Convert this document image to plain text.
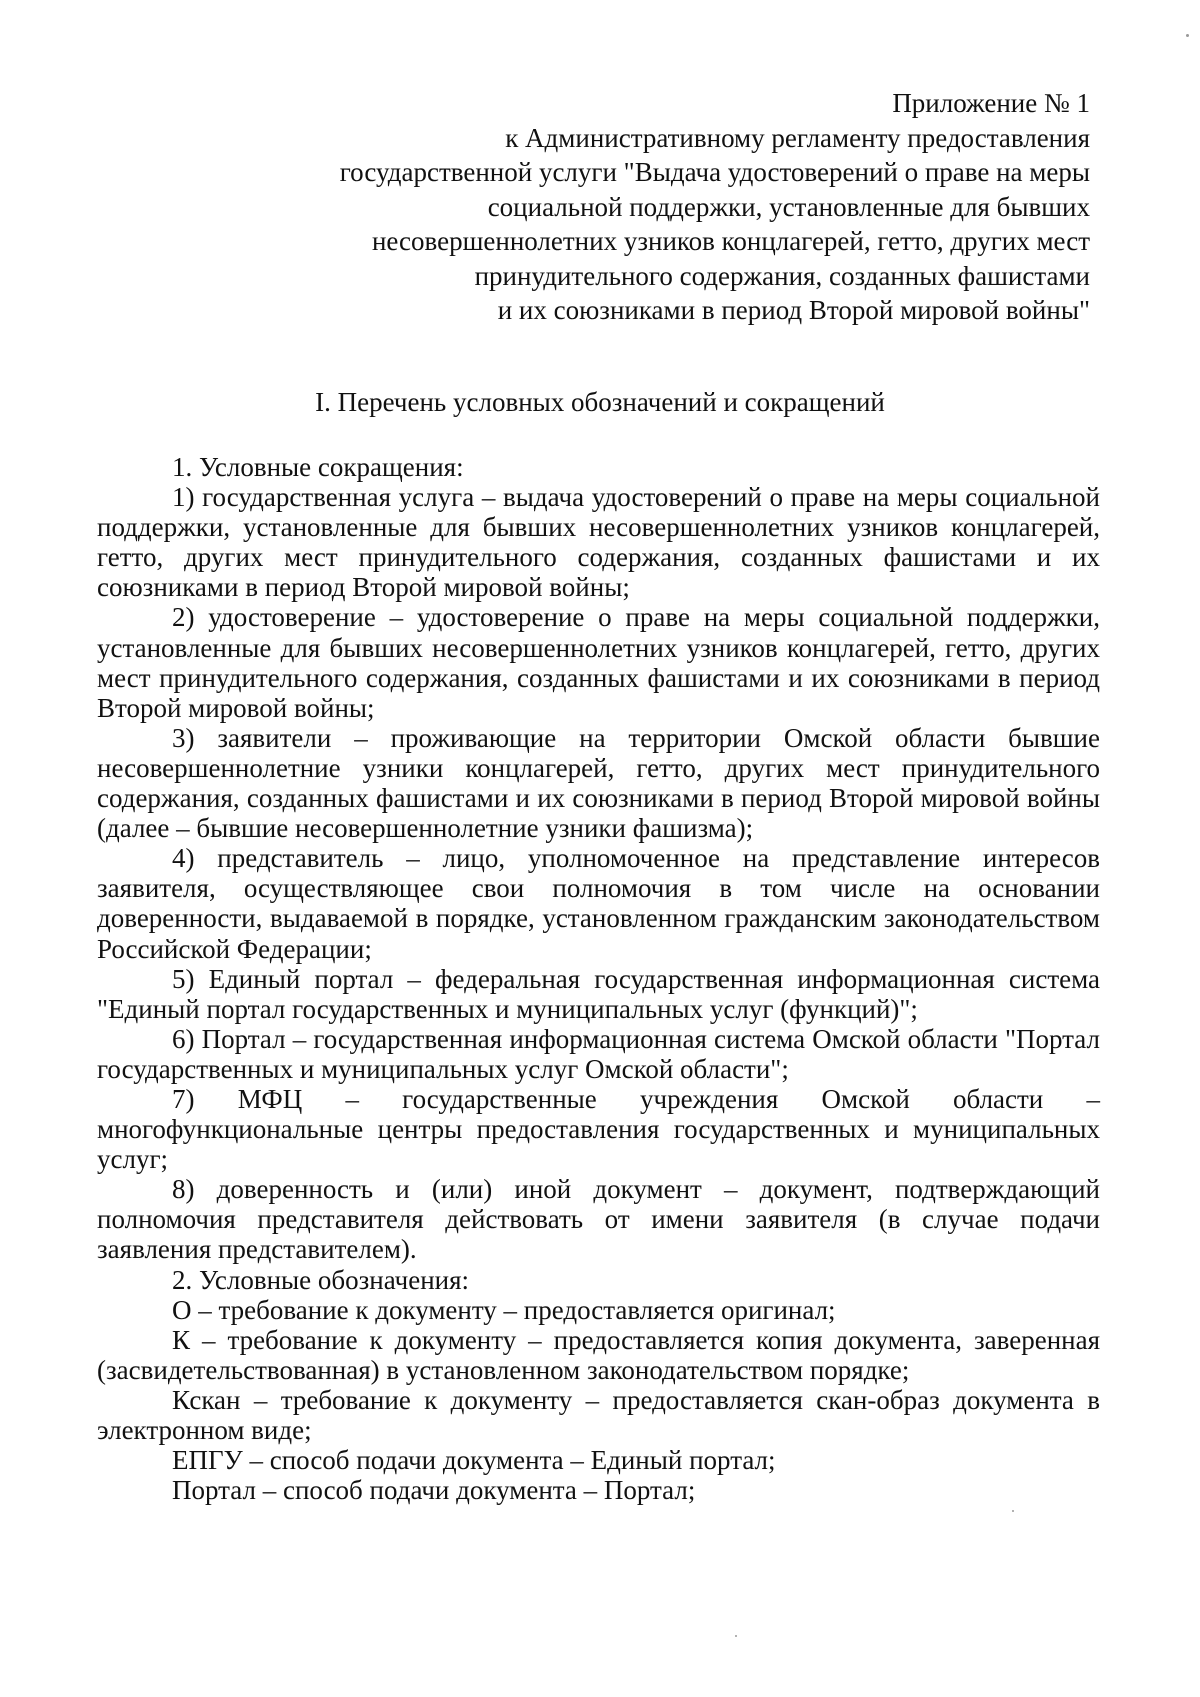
Приложение № 1
к Административному регламенту предоставления
государственной услуги "Выдача удостоверений о праве на меры
социальной поддержки, установленные для бывших
несовершеннолетних узников концлагерей, гетто, других мест
принудительного содержания, созданных фашистами
и их союзниками в период Второй мировой войны"
I. Перечень условных обозначений и сокращений

1. Условные сокращения:

1) государственная услуга – выдача удостоверений о праве на меры социальной поддержки, установленные для бывших несовершеннолетних узников концлагерей, гетто, других мест принудительного содержания, созданных фашистами и их союзниками в период Второй мировой войны;

2) удостоверение – удостоверение о праве на меры социальной поддержки, установленные для бывших несовершеннолетних узников концлагерей, гетто, других мест принудительного содержания, созданных фашистами и их союзниками в период Второй мировой войны;

3) заявители – проживающие на территории Омской области бывшие несовершеннолетние узники концлагерей, гетто, других мест принудительного содержания, созданных фашистами и их союзниками в период Второй мировой войны (далее – бывшие несовершеннолетние узники фашизма);

4) представитель – лицо, уполномоченное на представление интересов заявителя, осуществляющее свои полномочия в том числе на основании доверенности, выдаваемой в порядке, установленном гражданским законодательством Российской Федерации;

5) Единый портал – федеральная государственная информационная система "Единый портал государственных и муниципальных услуг (функций)";

6) Портал – государственная информационная система Омской области "Портал государственных и муниципальных услуг Омской области";

7) МФЦ – государственные учреждения Омской области – многофункциональные центры предоставления государственных и муниципальных услуг;

8) доверенность и (или) иной документ – документ, подтверждающий полномочия представителя действовать от имени заявителя (в случае подачи заявления представителем).

2. Условные обозначения:

О – требование к документу – предоставляется оригинал;

К – требование к документу – предоставляется копия документа, заверенная (засвидетельствованная) в установленном законодательством порядке;

Кскан – требование к документу – предоставляется скан-образ документа в электронном виде;

ЕПГУ – способ подачи документа – Единый портал;

Портал – способ подачи документа – Портал;
